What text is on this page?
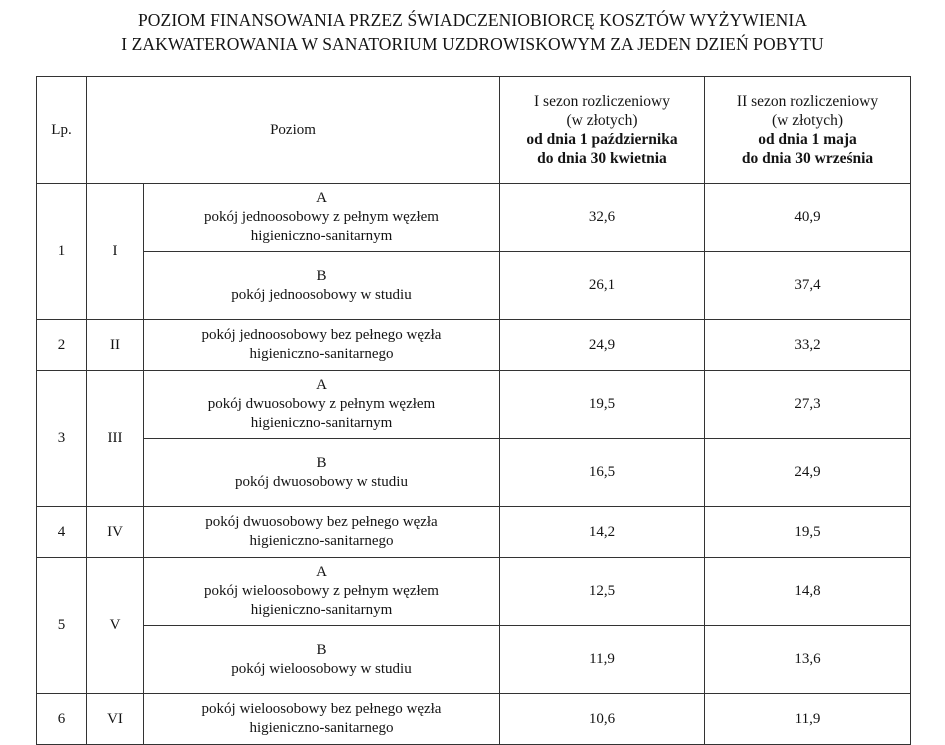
POZIOM FINANSOWANIA PRZEZ ŚWIADCZENIOBIORCĘ KOSZTÓW WYŻYWIENIA
I ZAKWATEROWANIA W SANATORIUM UZDROWISKOWYM ZA JEDEN DZIEŃ POBYTU
Lp.	Poziom		I sezon rozliczeniowy
(w złotych)
od dnia 1 października
do dnia 30 kwietnia	II sezon rozliczeniowy
(w złotych)
od dnia 1 maja
do dnia 30 września

1	I	A
pokój jednoosobowy z pełnym węzłem
higieniczno-sanitarnym	32,6	40,9

		B
pokój jednoosobowy w studiu	26,1	37,4
2	II	pokój jednoosobowy bez pełnego węzła
higieniczno-sanitarnego	24,9	33,2
3	III	A
pokój dwuosobowy z pełnym węzłem
higieniczno-sanitarnym	19,5	27,3

		B
pokój dwuosobowy w studiu	16,5	24,9
4	IV	pokój dwuosobowy bez pełnego węzła
higieniczno-sanitarnego	14,2	19,5
5	V	A
pokój wieloosobowy z pełnym węzłem
higieniczno-sanitarnym	12,5	14,8

		B
pokój wieloosobowy w studiu	11,9	13,6
6	VI	pokój wieloosobowy bez pełnego węzła
higieniczno-sanitarnego	10,6	11,9
